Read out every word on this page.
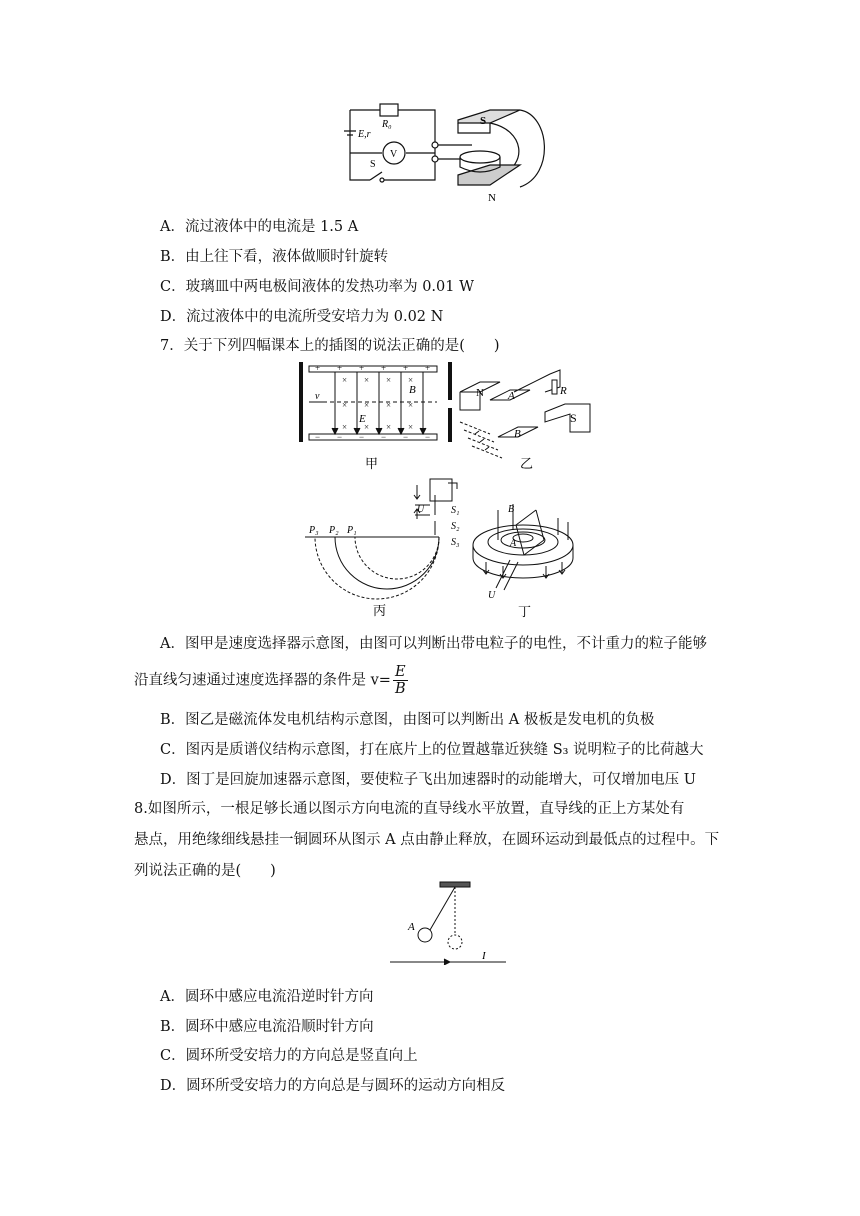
R₀
E,r
V
S
S
N
A．流过液体中的电流是 1.5 A
B．由上往下看，液体做顺时针旋转
C．玻璃皿中两电极间液体的发热功率为 0.01 W
D．流过液体中的电流所受安培力为 0.02 N
7．关于下列四幅课本上的插图的说法正确的是(　　)
+ + + + + +
− − − − − −
× × × ×
× × × ×
× × × ×
v
B
E
甲
N A
B
R
S
乙
P₃ P₂ P₁
U	S₁
S₂
S₃
丙
B
A
U
丁
A．图甲是速度选择器示意图，由图可以判断出带电粒子的电性，不计重力的粒子能够
沿直线匀速通过速度选择器的条件是 $v= \frac{E}{B}$
B．图乙是磁流体发电机结构示意图，由图可以判断出 A 极板是发电机的负极
C．图丙是质谱仪结构示意图，打在底片上的位置越靠近狭缝 S₃ 说明粒子的比荷越大
D．图丁是回旋加速器示意图，要使粒子飞出加速器时的动能增大，可仅增加电压 U
8.如图所示，一根足够长通以图示方向电流的直导线水平放置，直导线的正上方某处有
悬点，用绝缘细线悬挂一铜圆环从图示 A 点由静止释放，在圆环运动到最低点的过程中。下
列说法正确的是(　　)
A
I
A．圆环中感应电流沿逆时针方向
B．圆环中感应电流沿顺时针方向
C．圆环所受安培力的方向总是竖直向上
D．圆环所受安培力的方向总是与圆环的运动方向相反
